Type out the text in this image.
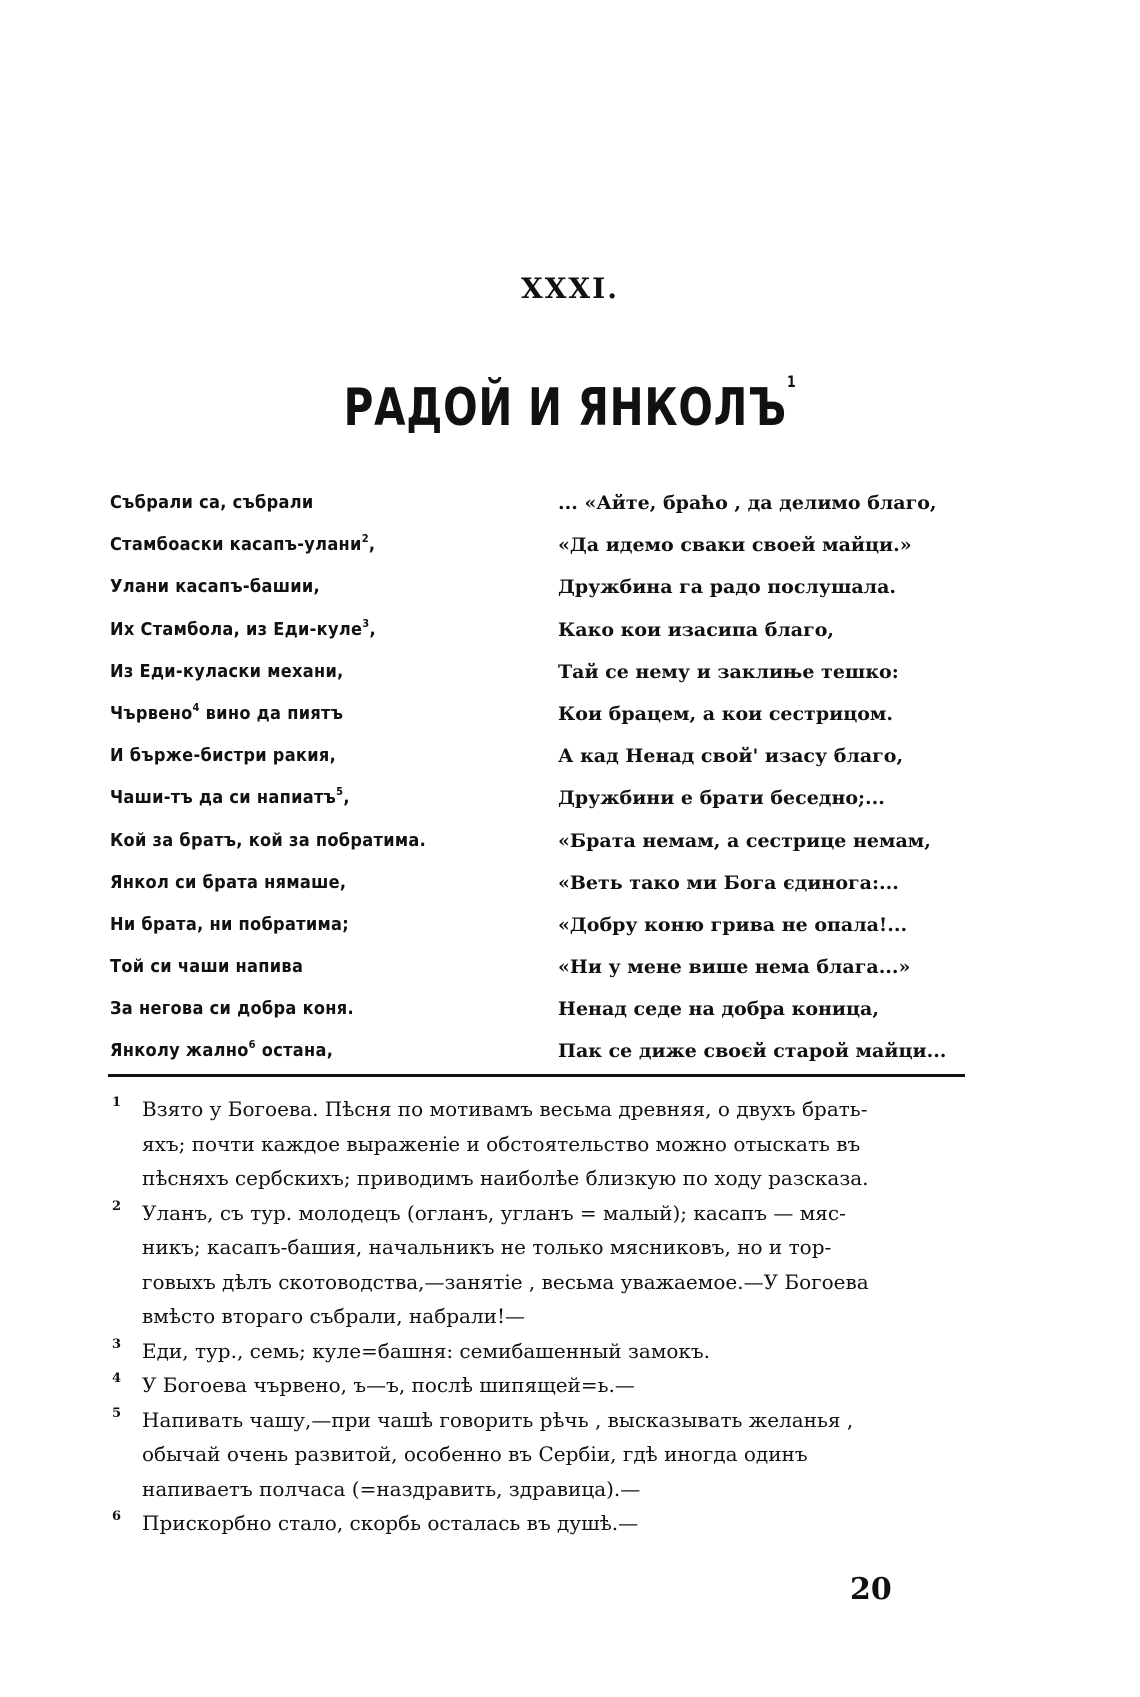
XXXI.
РАДОЙ И ЯНКОЛЪ$^1$
Събрали са, събрали
Стамбоаски касапъ-улани$^2$,
Улани касапъ-башии,
Их Стамбола, из Еди-куле$^3$,
Из Еди-куласки механи,
Чървено$^4$ вино да пиятъ
И бърже-бистри ракия,
Чаши-тъ да си напиатъ$^5$,
Кой за братъ, кой за побратима.
Янкол си брата нямаше,
Ни брата, ни побратима;
Той си чаши напива
За негова си добра коня.
Янколу жално$^6$ остана,
... «Айте, браћо , да делимо благо,
«Да идемо сваки своей майци.»
Дружбина га радо послушала.
Како кои изасипа благо,
Тай се нему и заклиње тешко:
Кои брацем, а кои сестрицом.
А кад Ненад свой' изасу благо,
Дружбини е брати беседно;...
«Брата немам, а сестрице немам,
«Веть тако ми Бога єдинога:...
«Добру коню грива не опала!...
«Ни у мене више нема блага...»
Ненад седе на добра коница,
Пак се диже своєй старой майци...
1 Взято у Богоева. Пѣсня по мотивамъ весьма древняя, о двухъ брать-
яхъ; почти каждое выраженіе и обстоятельство можно отыскать въ
пѣсняхъ сербскихъ; приводимъ наиболѣе близкую по ходу разсказа.
2 Уланъ, съ тур. молодецъ (огланъ, угланъ = малый); касапъ — мяс-
никъ; касапъ-башия, начальникъ не только мясниковъ, но и тор-
говыхъ дѣлъ скотоводства,—занятіе , весьма уважаемое.—У Богоева
вмѣсто втораго събрали, набрали!—
3 Еди, тур., семь; куле=башня: семибашенный замокъ.
4 У Богоева чървено, ъ—ъ, послѣ шипящей=ь.—
5 Напивать чашу,—при чашѣ говорить рѣчь , высказывать желанья ,
обычай очень развитой, особенно въ Сербіи, гдѣ иногда одинъ
напиваетъ полчаса (=наздравить, здравица).—
6 Прискорбно стало, скорбь осталась въ душѣ.—
20
